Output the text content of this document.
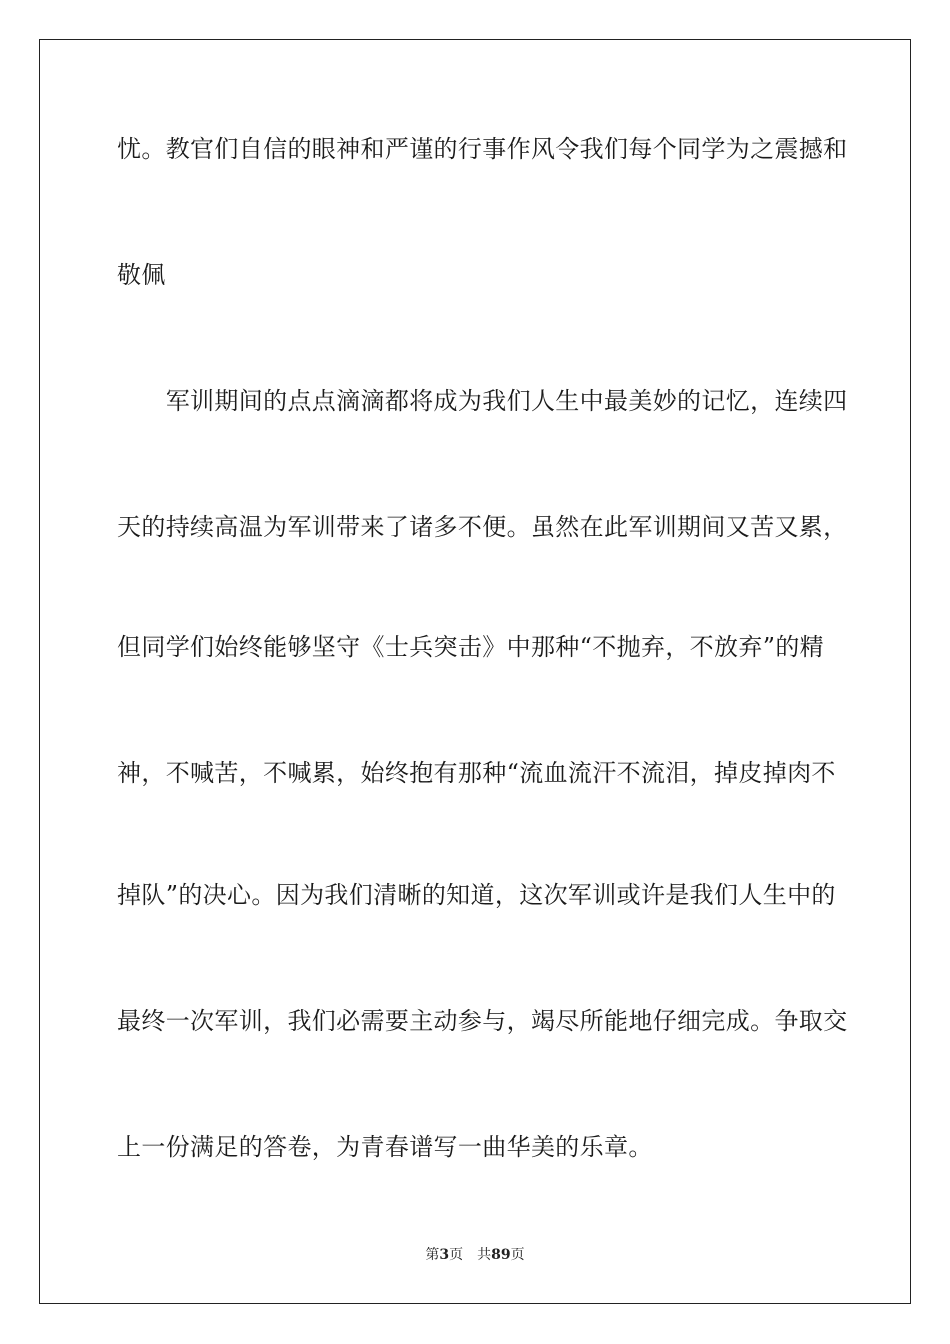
忧。教官们自信的眼神和严谨的行事作风令我们每个同学为之震撼和
敬佩
　　军训期间的点点滴滴都将成为我们人生中最美妙的记忆，连续四
天的持续高温为军训带来了诸多不便。虽然在此军训期间又苦又累，
但同学们始终能够坚守《士兵突击》中那种“不抛弃，不放弃”的精
神，不喊苦，不喊累，始终抱有那种“流血流汗不流泪，掉皮掉肉不
掉队”的决心。因为我们清晰的知道，这次军训或许是我们人生中的
最终一次军训，我们必需要主动参与，竭尽所能地仔细完成。争取交
上一份满足的答卷，为青春谱写一曲华美的乐章。
第3页 共89页
